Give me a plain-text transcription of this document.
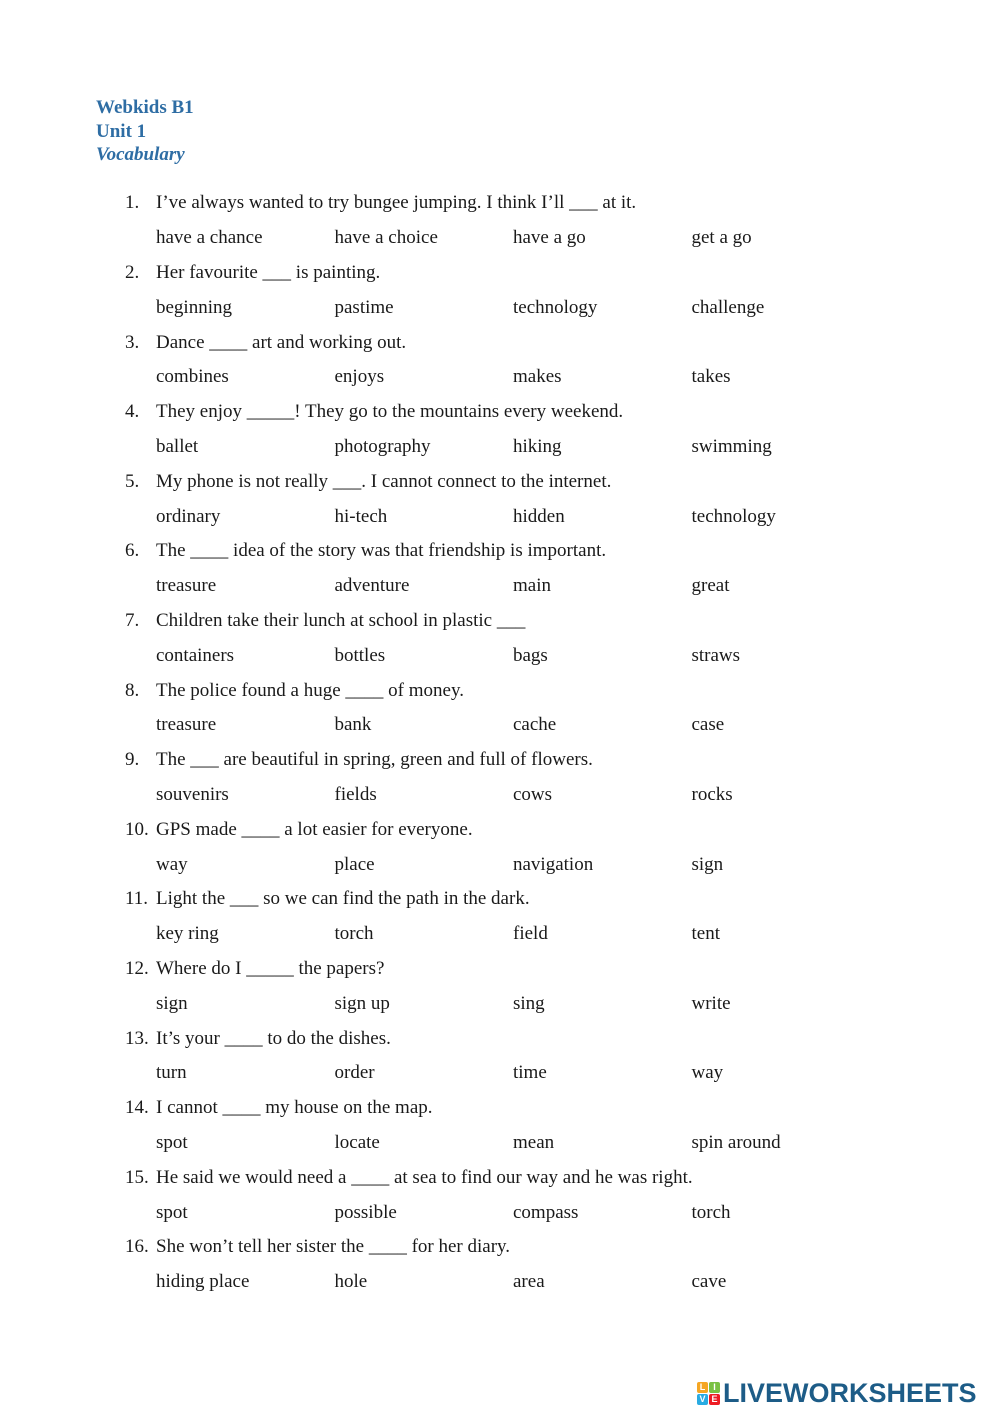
Webkids B1
Unit 1
Vocabulary
1. I’ve always wanted to try bungee jumping. I think I’ll ___ at it.
have a chance	have a choice	have a go	get a go
2. Her favourite ___ is painting.
beginning	pastime	technology	challenge
3. Dance ____ art and working out.
combines	enjoys	makes	takes
4. They enjoy _____! They go to the mountains every weekend.
ballet	photography	hiking	swimming
5. My phone is not really ___. I cannot connect to the internet.
ordinary	hi-tech	hidden	technology
6. The ____ idea of the story was that friendship is important.
treasure	adventure	main	great
7. Children take their lunch at school in plastic ___
containers	bottles	bags	straws
8. The police found a huge ____ of money.
treasure	bank	cache	case
9. The ___ are beautiful in spring, green and full of flowers.
souvenirs	fields	cows	rocks
10. GPS made ____ a lot easier for everyone.
way	place	navigation	sign
11. Light the ___ so we can find the path in the dark.
key ring	torch	field	tent
12. Where do I _____ the papers?
sign	sign up	sing	write
13. It’s your ____ to do the dishes.
turn	order	time	way
14. I cannot ____ my house on the map.
spot	locate	mean	spin around
15. He said we would need a ____ at sea to find our way and he was right.
spot	possible	compass	torch
16. She won’t tell her sister the ____ for her diary.
hiding place	hole	area	cave
L I
V E LIVEWORKSHEETS
